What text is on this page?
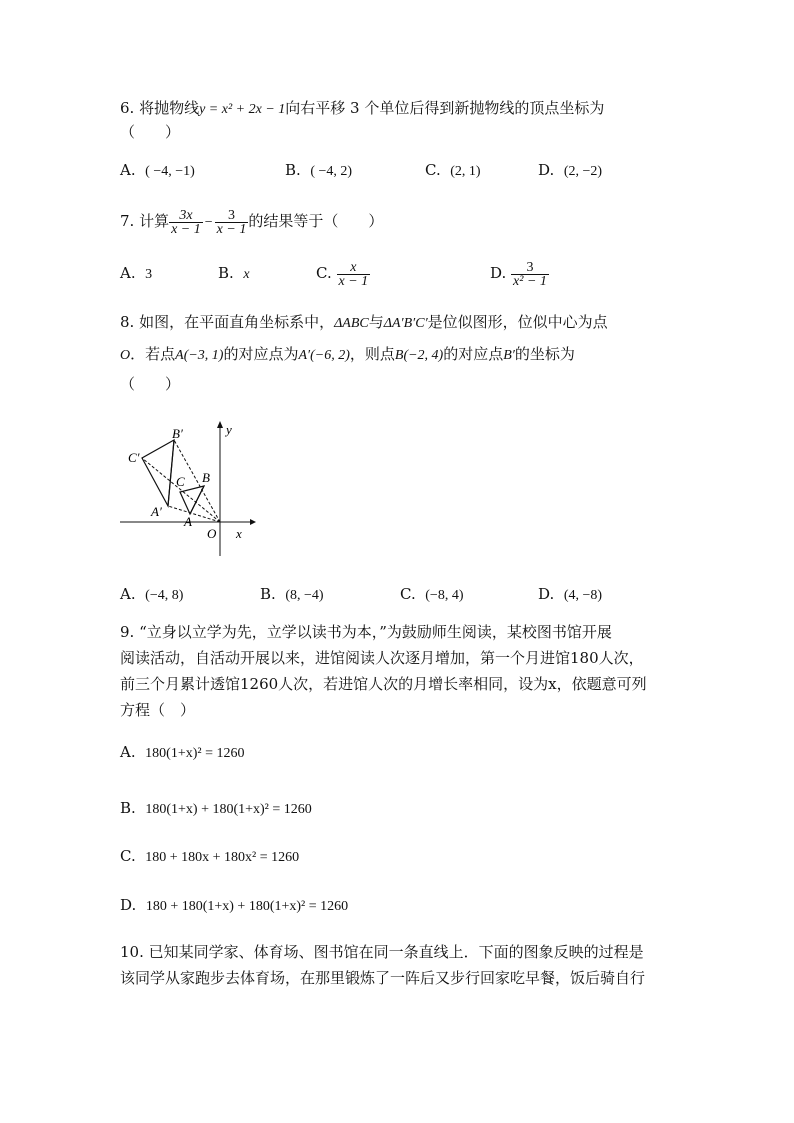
6. 将抛物线y = x² + 2x − 1向右平移 3 个单位后得到新抛物线的顶点坐标为
（　　）
A. ( −4, −1)	B. ( −4, 2)	C. (2, 1)	D. (2, −2)
7. 计算 $\frac{3x}{x - 1} - \frac{3}{x - 1}$ 的结果等于（　　）
A. 3	B. x	C. $\frac{x}{x - 1}$	D. $\frac{3}{\text{x² − 1}}$
8. 如图，在平面直角坐标系中，ΔABC与ΔA′B′C′是位似图形，位似中心为点
O．若点A(−3, 1)的对应点为A′(−6, 2)，则点B(−2, 4)的对应点B′的坐标为
（　　）
B′
C′
A′
B
C
A
O x
y
A. (−4, 8)	B. (8, −4)	C. (−8, 4)	D. (4, −8)
9. “立身以立学为先，立学以读书为本，”为鼓励师生阅读，某校图书馆开展
阅读活动，自活动开展以来，进馆阅读人次逐月增加，第一个月进馆180人次，
前三个月累计透馆1260人次，若进馆人次的月增长率相同，设为x，依题意可列
方程（　）
A. 180(1+x)² = 1260
B. 180(1+x) + 180(1+x)² = 1260
C. 180 + 180x + 180x² = 1260
D. 180 + 180(1+x) + 180(1+x)² = 1260
10. 已知某同学家、体育场、图书馆在同一条直线上．下面的图象反映的过程是
该同学从家跑步去体育场，在那里锻炼了一阵后又步行回家吃早餐，饭后骑自行
